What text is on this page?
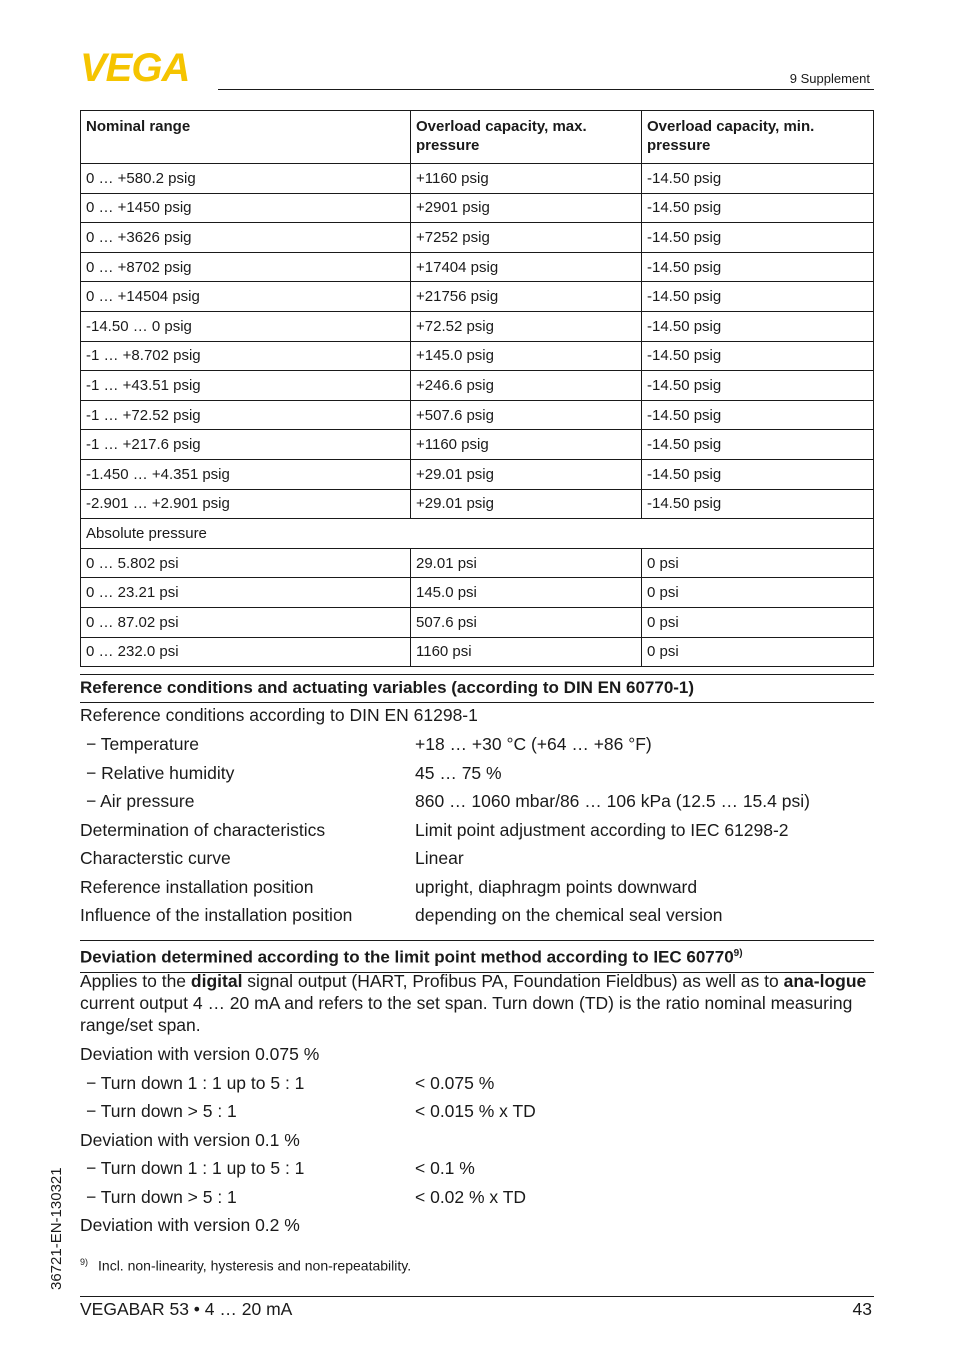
VEGA	9 Supplement
Nominal range	Overload capacity, max. pressure	Overload capacity, min. pressure
0 … +580.2 psig	+1160 psig	-14.50 psig
0 … +1450 psig	+2901 psig	-14.50 psig
0 … +3626 psig	+7252 psig	-14.50 psig
0 … +8702 psig	+17404 psig	-14.50 psig
0 … +14504 psig	+21756 psig	-14.50 psig
-14.50 … 0 psig	+72.52 psig	-14.50 psig
-1 … +8.702 psig	+145.0 psig	-14.50 psig
-1 … +43.51 psig	+246.6 psig	-14.50 psig
-1 … +72.52 psig	+507.6 psig	-14.50 psig
-1 … +217.6 psig	+1160 psig	-14.50 psig
-1.450 … +4.351 psig	+29.01 psig	-14.50 psig
-2.901 … +2.901 psig	+29.01 psig	-14.50 psig
Absolute pressure		
0 … 5.802 psi	29.01 psi	0 psi
0 … 23.21 psi	145.0 psi	0 psi
0 … 87.02 psi	507.6 psi	0 psi
0 … 232.0 psi	1160 psi	0 psi
Reference conditions and actuating variables (according to DIN EN 60770-1)
Reference conditions according to DIN EN 61298-1
− Temperature	+18 … +30 °C (+64 … +86 °F)
− Relative humidity	45 … 75 %
− Air pressure	860 … 1060 mbar/86 … 106 kPa (12.5 … 15.4 psi)
Determination of characteristics	Limit point adjustment according to IEC 61298-2
Characterstic curve	Linear
Reference installation position	upright, diaphragm points downward
Influence of the installation position	depending on the chemical seal version
Deviation determined according to the limit point method according to IEC 60770$^{9)}$
Applies to the digital signal output (HART, Profibus PA, Foundation Fieldbus) as well as to ana-logue current output 4 … 20 mA and refers to the set span. Turn down (TD) is the ratio nominal measuring range/set span.
Deviation with version 0.075 %
− Turn down 1 : 1 up to 5 : 1	< 0.075 %
− Turn down > 5 : 1	< 0.015 % x TD
Deviation with version 0.1 %
− Turn down 1 : 1 up to 5 : 1	< 0.1 %
− Turn down > 5 : 1	< 0.02 % x TD
Deviation with version 0.2 %
$^{9)}$ Incl. non-linearity, hysteresis and non-repeatability.
36721-EN-130321
VEGABAR 53 • 4 … 20 mA	43
